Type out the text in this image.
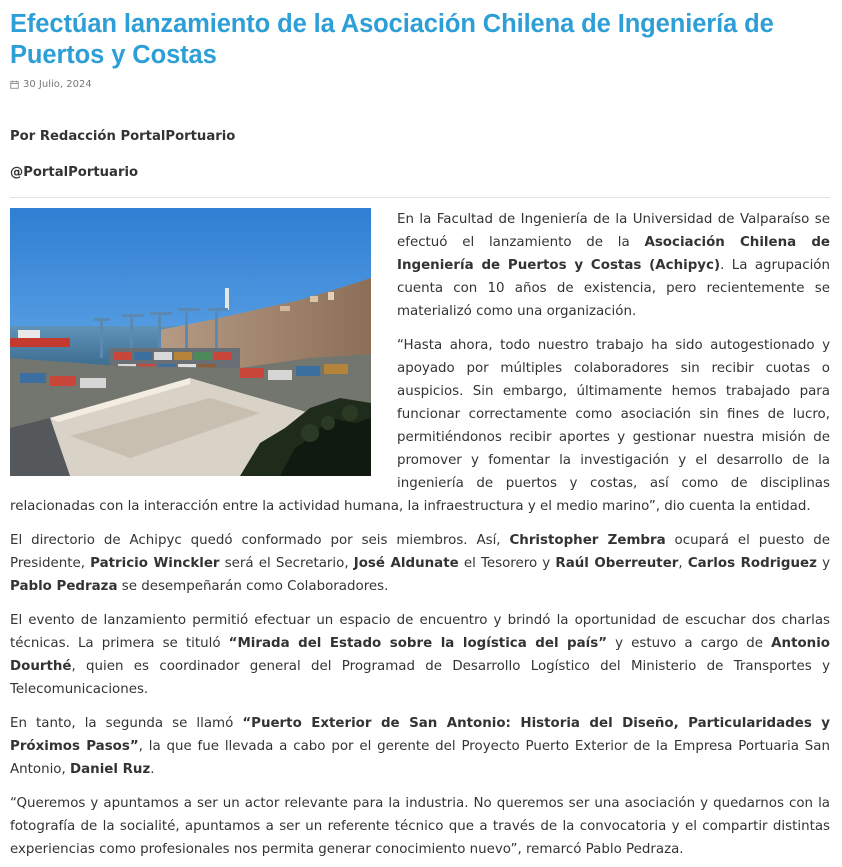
Efectúan lanzamiento de la Asociación Chilena de Ingeniería de Puertos y Costas
30 Julio, 2024
Por Redacción PortalPortuario
@PortalPortuario

En la Facultad de Ingeniería de la Universidad de Valparaíso se efectuó el lanzamiento de la Asociación Chilena de Ingeniería de Puertos y Costas (Achipyc). La agrupación cuenta con 10 años de existencia, pero recientemente se materializó como una organización.

“Hasta ahora, todo nuestro trabajo ha sido autogestionado y apoyado por múltiples colaboradores sin recibir cuotas o auspicios. Sin embargo, últimamente hemos trabajado para funcionar correctamente como asociación sin fines de lucro, permitiéndonos recibir aportes y gestionar nuestra misión de promover y fomentar la investigación y el desarrollo de la ingeniería de puertos y costas, así como de disciplinas relacionadas con la interacción entre la actividad humana, la infraestructura y el medio marino”, dio cuenta la entidad.

El directorio de Achipyc quedó conformado por seis miembros. Así, Christopher Zembra ocupará el puesto de Presidente, Patricio Winckler será el Secretario, José Aldunate el Tesorero y Raúl Oberreuter, Carlos Rodriguez y Pablo Pedraza se desempeñarán como Colaboradores.

El evento de lanzamiento permitió efectuar un espacio de encuentro y brindó la oportunidad de escuchar dos charlas técnicas. La primera se tituló “Mirada del Estado sobre la logística del país” y estuvo a cargo de Antonio Dourthé, quien es coordinador general del Programad de Desarrollo Logístico del Ministerio de Transportes y Telecomunicaciones.

En tanto, la segunda se llamó “Puerto Exterior de San Antonio: Historia del Diseño, Particularidades y Próximos Pasos”, la que fue llevada a cabo por el gerente del Proyecto Puerto Exterior de la Empresa Portuaria San Antonio, Daniel Ruz.

“Queremos y apuntamos a ser un actor relevante para la industria. No queremos ser una asociación y quedarnos con la fotografía de la socialité, apuntamos a ser un referente técnico que a través de la convocatoria y el compartir distintas experiencias como profesionales nos permita generar conocimiento nuevo”, remarcó Pablo Pedraza.
